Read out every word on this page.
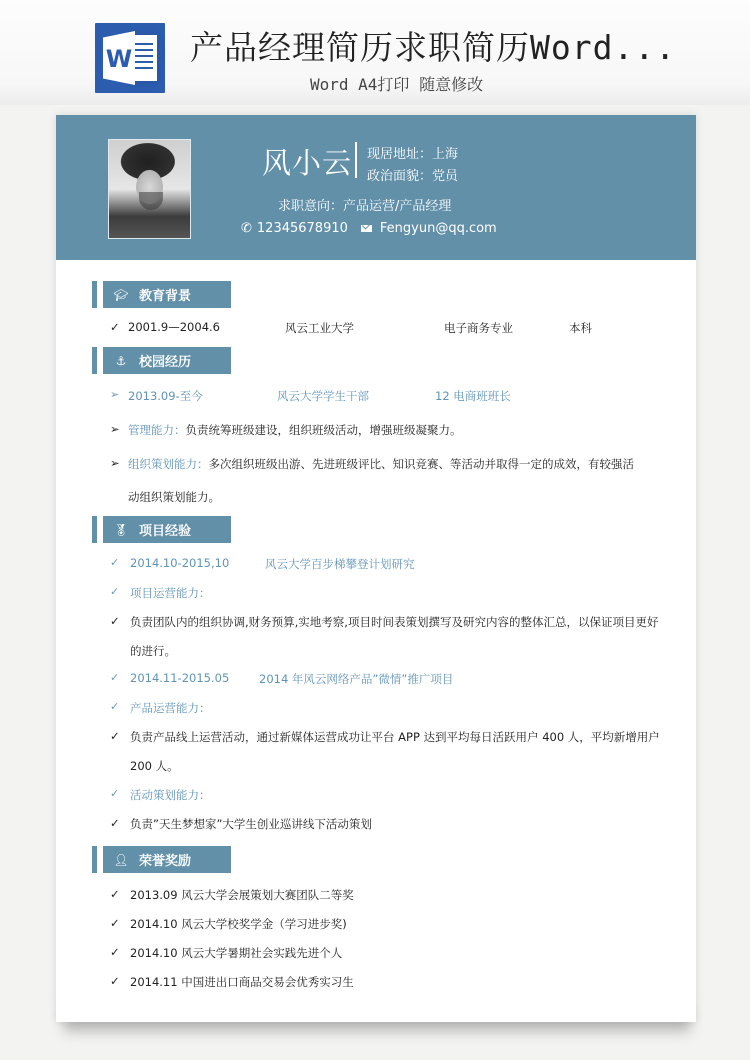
W 产品经理简历求职简历Word...
Word A4打印 随意修改
风小云 现居地址：上海
政治面貌：党员
求职意向：产品运营/产品经理
✆ 12345678910 Fengyun@qq.com
🎓︎ 教育背景
✓ 2001.9—2004.6	风云工业大学	电子商务专业	本科
⚓︎ 校园经历
➢ 2013.09-至今	风云大学学生干部	12 电商班班长
➢ 管理能力：负责统筹班级建设，组织班级活动，增强班级凝聚力。
➢ 组织策划能力：多次组织班级出游、先进班级评比、知识竞赛、等活动并取得一定的成效，有较强活
动组织策划能力。
🏅︎ 项目经验
✓ 2014.10-2015,10	风云大学百步梯攀登计划研究
✓ 项目运营能力：
✓ 负责团队内的组织协调,财务预算,实地考察,项目时间表策划撰写及研究内容的整体汇总，以保证项目更好
的进行。
✓ 2014.11-2015.05	2014 年风云网络产品”微情”推广项目
✓ 产品运营能力：
✓ 负责产品线上运营活动，通过新媒体运营成功让平台 APP 达到平均每日活跃用户 400 人，平均新增用户
200 人。
✓ 活动策划能力：
✓ 负责”天生梦想家”大学生创业巡讲线下活动策划
👤︎ 荣誉奖励
✓ 2013.09 风云大学会展策划大赛团队二等奖
✓ 2014.10 风云大学校奖学金（学习进步奖)
✓ 2014.10 风云大学暑期社会实践先进个人
✓ 2014.11 中国进出口商品交易会优秀实习生
